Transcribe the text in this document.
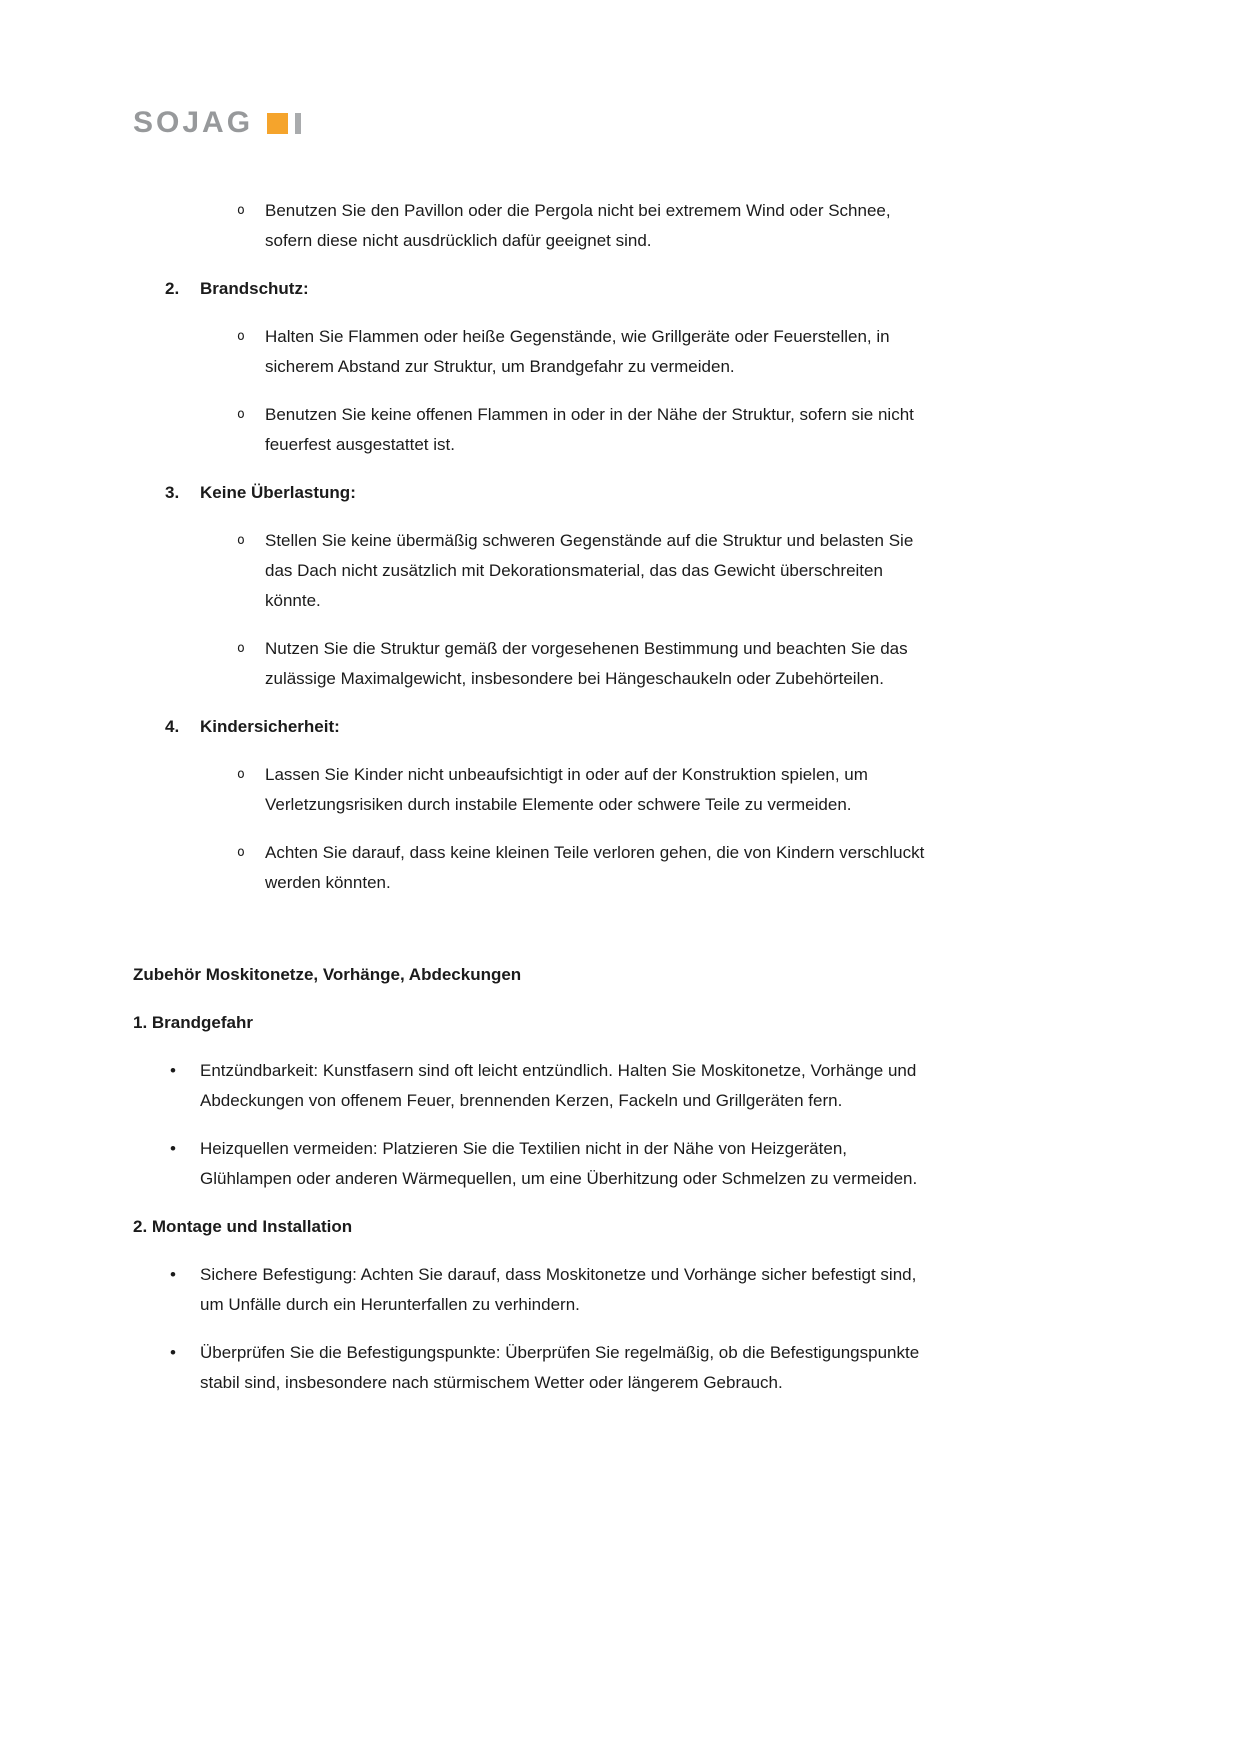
SOJAG
o	Benutzen Sie den Pavillon oder die Pergola nicht bei extremem Wind oder Schnee, sofern diese nicht ausdrücklich dafür geeignet sind.
2.	Brandschutz:
o	Halten Sie Flammen oder heiße Gegenstände, wie Grillgeräte oder Feuerstellen, in sicherem Abstand zur Struktur, um Brandgefahr zu vermeiden.
o	Benutzen Sie keine offenen Flammen in oder in der Nähe der Struktur, sofern sie nicht feuerfest ausgestattet ist.
3.	Keine Überlastung:
o	Stellen Sie keine übermäßig schweren Gegenstände auf die Struktur und belasten Sie das Dach nicht zusätzlich mit Dekorationsmaterial, das das Gewicht überschreiten könnte.
o	Nutzen Sie die Struktur gemäß der vorgesehenen Bestimmung und beachten Sie das zulässige Maximalgewicht, insbesondere bei Hängeschaukeln oder Zubehörteilen.
4.	Kindersicherheit:
o	Lassen Sie Kinder nicht unbeaufsichtigt in oder auf der Konstruktion spielen, um Verletzungsrisiken durch instabile Elemente oder schwere Teile zu vermeiden.
o	Achten Sie darauf, dass keine kleinen Teile verloren gehen, die von Kindern verschluckt werden könnten.
Zubehör Moskitonetze, Vorhänge, Abdeckungen
1. Brandgefahr
•	Entzündbarkeit: Kunstfasern sind oft leicht entzündlich. Halten Sie Moskitonetze, Vorhänge und Abdeckungen von offenem Feuer, brennenden Kerzen, Fackeln und Grillgeräten fern.
•	Heizquellen vermeiden: Platzieren Sie die Textilien nicht in der Nähe von Heizgeräten, Glühlampen oder anderen Wärmequellen, um eine Überhitzung oder Schmelzen zu vermeiden.
2. Montage und Installation
•	Sichere Befestigung: Achten Sie darauf, dass Moskitonetze und Vorhänge sicher befestigt sind, um Unfälle durch ein Herunterfallen zu verhindern.
•	Überprüfen Sie die Befestigungspunkte: Überprüfen Sie regelmäßig, ob die Befestigungspunkte stabil sind, insbesondere nach stürmischem Wetter oder längerem Gebrauch.
